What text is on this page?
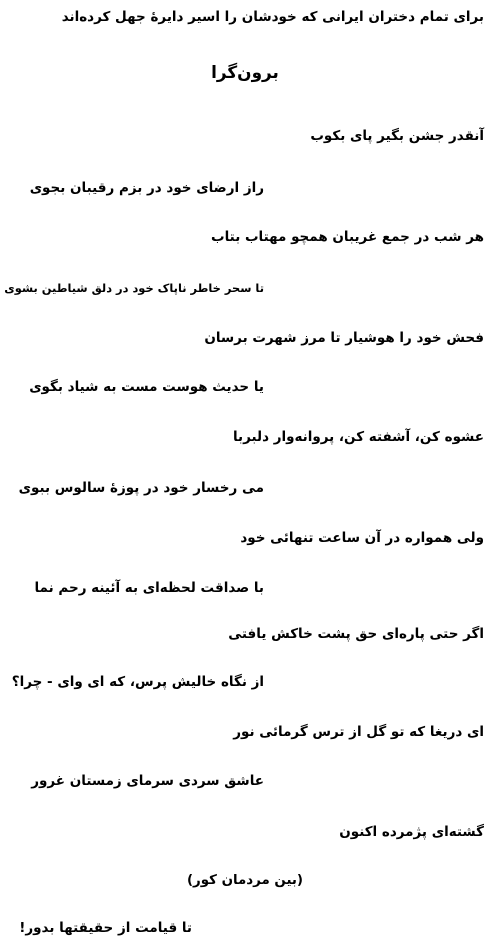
برای تمام دختران ایرانی که خودشان را اسیر دایرهٔ جهل کرده‌اند
برون‌گرا
آنقدر جشن بگیر پای بکوب
راز ارضای خود در بزم رقیبان بجوی
هر شب در جمع غریبان همچو مهتاب بتاب
تا سحر خاطر ناپاک خود در دلق شیاطین بشوی
فحش خود را هوشیار تا مرز شهرت برسان
یا حدیث هوست مست به شیاد بگوی
عشوه کن، آشفته کن، پروانه‌وار دلبربا
می رخسار خود در پوزهٔ سالوس ببوی
ولی همواره در آن ساعت تنهائی خود
با صداقت لحظه‌ای به آئینه رحم نما
اگر حتی پاره‌ای حق پشت خاکش یافتی
از نگاه خالیش پرس، که ای وای - چرا؟
ای دریغا که تو گل از ترس گرمائی نور
عاشق سردی سرمای زمستان غرور
گشته‌ای پژمرده اکنون
(بین مردمان کور)
تا قیامت از حقیقتها بدور!
